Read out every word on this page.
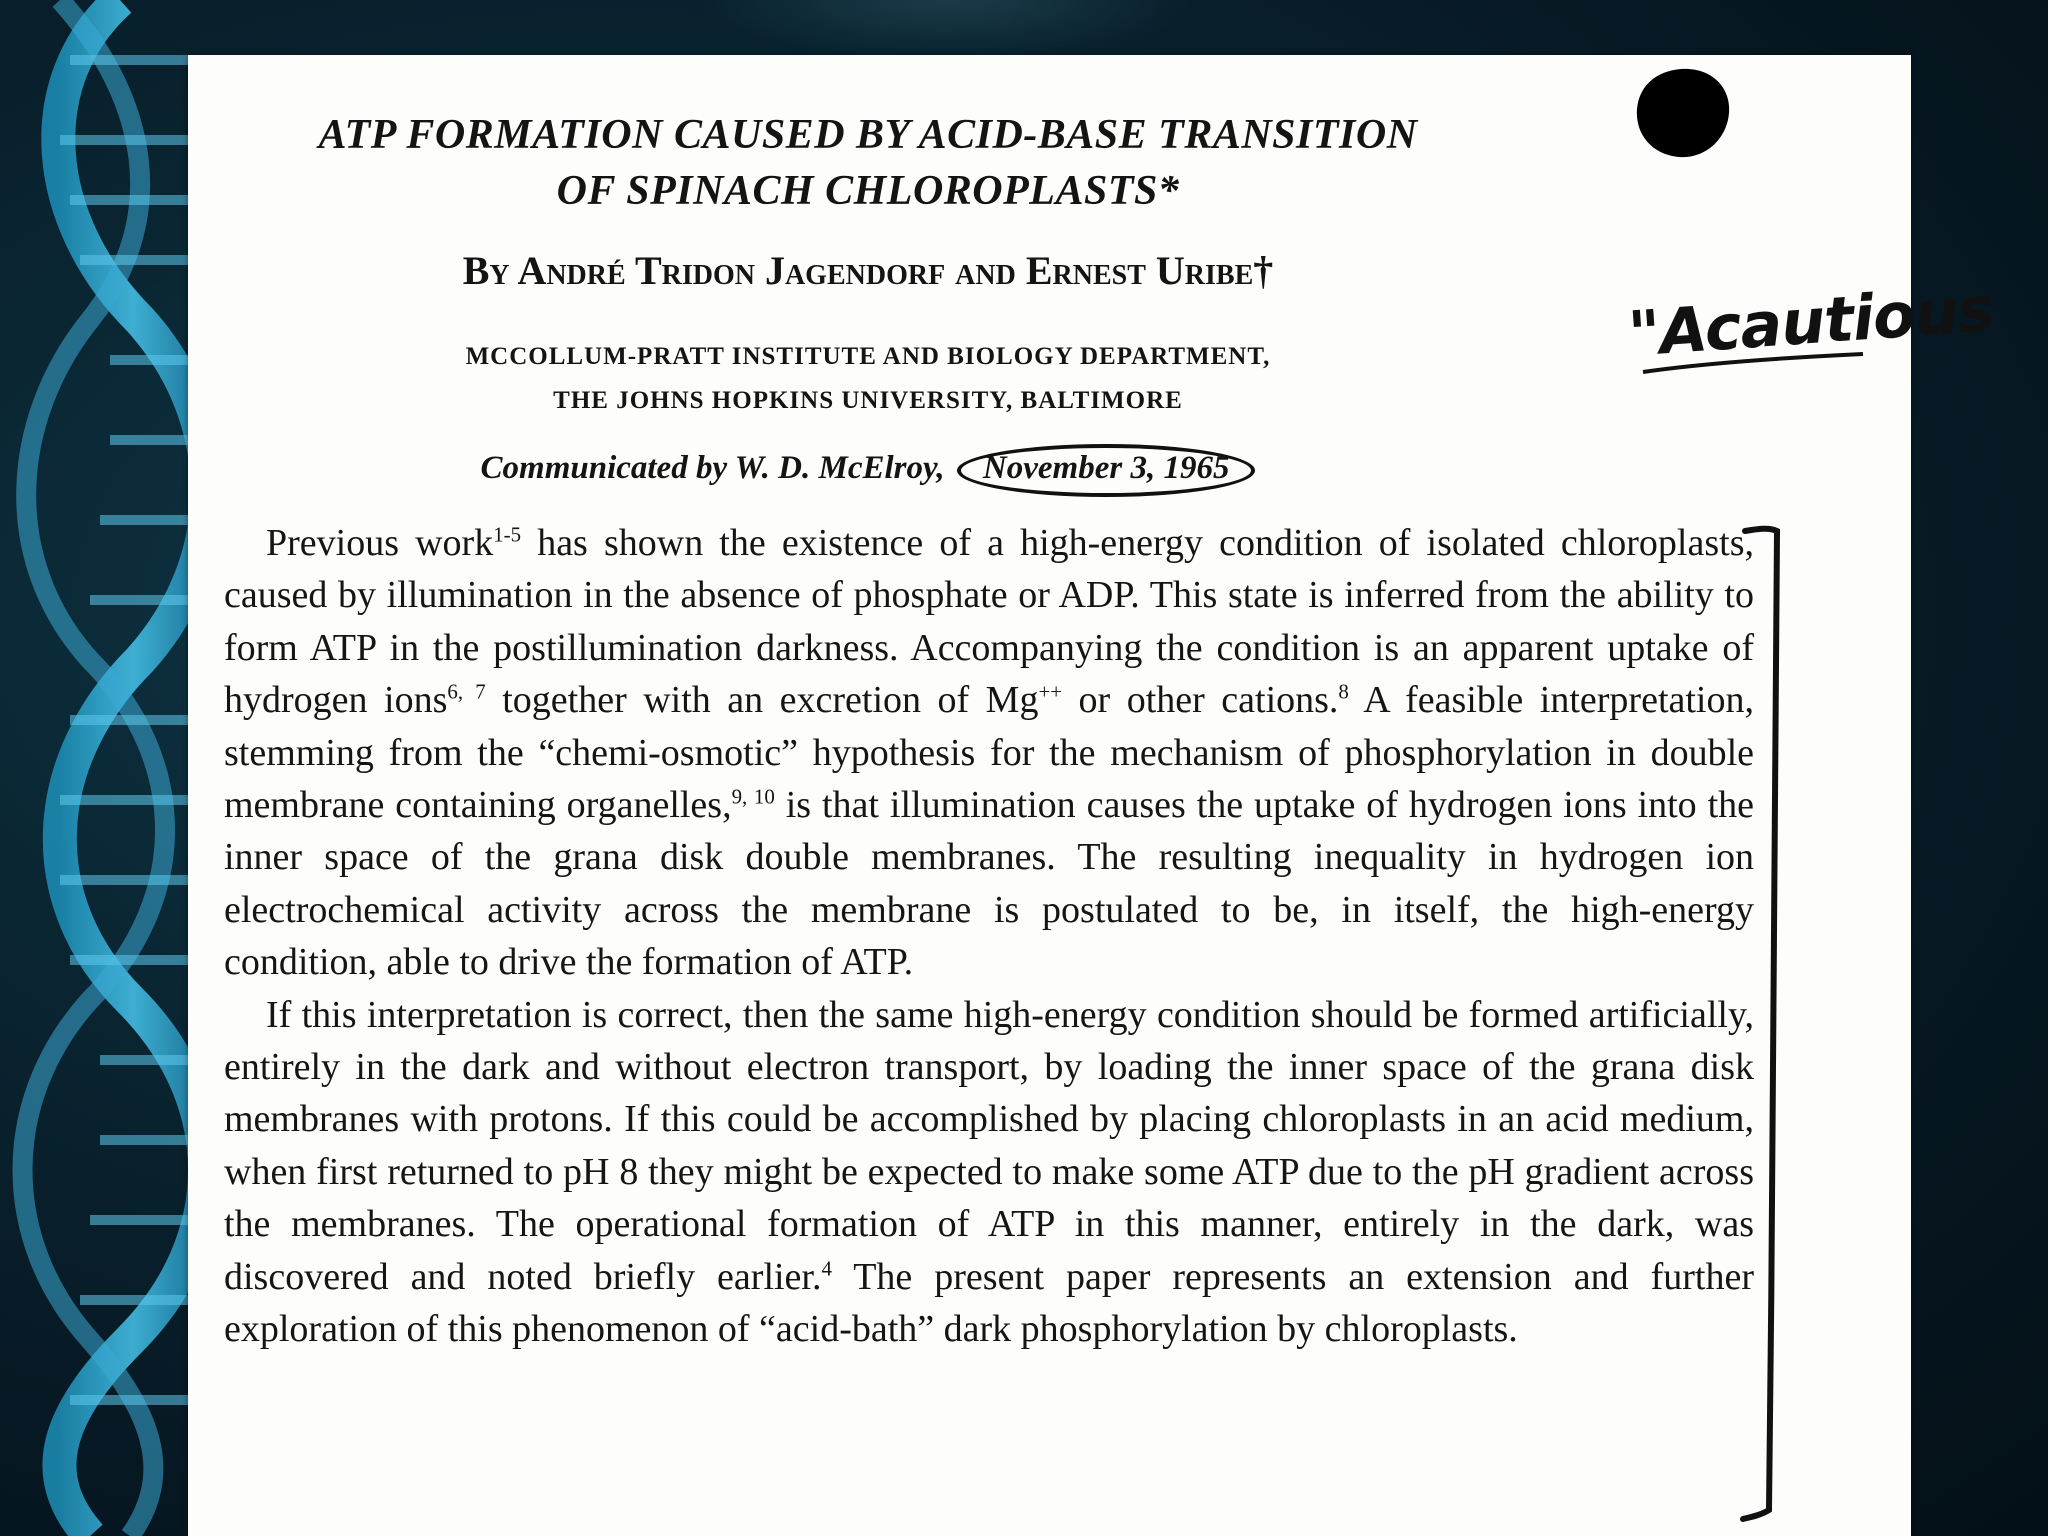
ATP FORMATION CAUSED BY ACID-BASE TRANSITION
OF SPINACH CHLOROPLASTS*
By André Tridon Jagendorf and Ernest Uribe†
MCCOLLUM-PRATT INSTITUTE AND BIOLOGY DEPARTMENT,
THE JOHNS HOPKINS UNIVERSITY, BALTIMORE
Communicated by W. D. McElroy, November 3, 1965
"Acautious

Previous work$^{1-5}$ has shown the existence of a high-energy condition of isolated chloroplasts, caused by illumination in the absence of phosphate or ADP. This state is inferred from the ability to form ATP in the postillumination darkness. Accompanying the condition is an apparent uptake of hydrogen ions$^{6, 7}$ together with an excretion of Mg++ or other cations.$^8$ A feasible interpretation, stemming from the “chemi-osmotic” hypothesis for the mechanism of phosphorylation in double membrane containing organelles,$^{9, 10}$ is that illumination causes the uptake of hydrogen ions into the inner space of the grana disk double membranes. The resulting inequality in hydrogen ion electrochemical activity across the membrane is postulated to be, in itself, the high-energy condition, able to drive the formation of ATP.

If this interpretation is correct, then the same high-energy condition should be formed artificially, entirely in the dark and without electron transport, by loading the inner space of the grana disk membranes with protons. If this could be accomplished by placing chloroplasts in an acid medium, when first returned to pH 8 they might be expected to make some ATP due to the pH gradient across the membranes. The operational formation of ATP in this manner, entirely in the dark, was discovered and noted briefly earlier.$^4$ The present paper represents an extension and further exploration of this phenomenon of “acid-bath” dark phosphorylation by chloroplasts.
